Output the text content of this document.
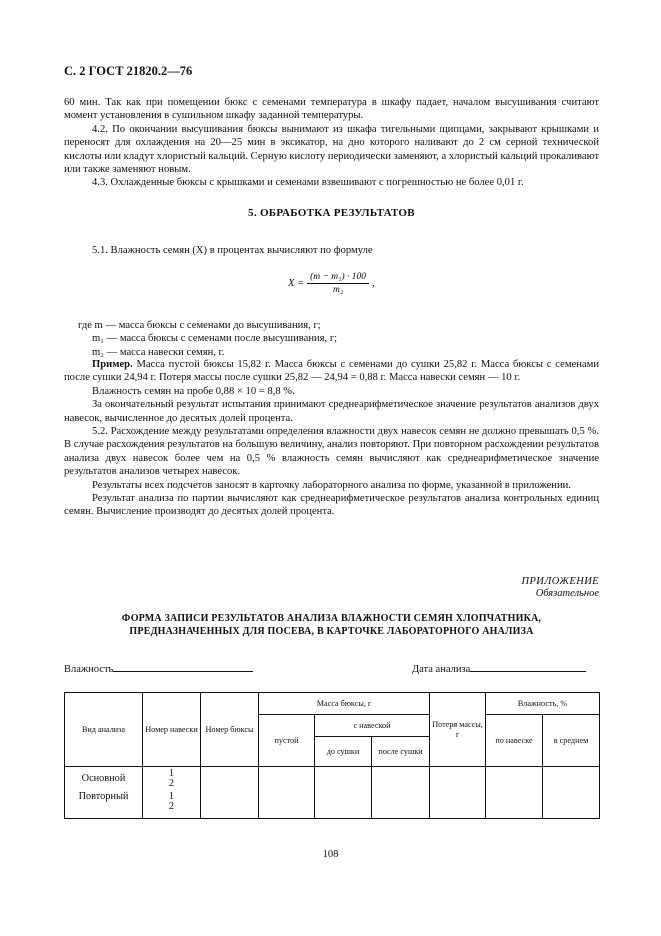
С. 2 ГОСТ 21820.2—76

60 мин. Так как при помещении бюкс с семенами температура в шкафу падает, началом высушивания считают момент установления в сушильном шкафу заданной температуры.

4.2. По окончании высушивания бюксы вынимают из шкафа тигельными щипцами, закрывают крышками и переносят для охлаждения на 20—25 мин в эксикатор, на дно которого наливают до 2 см серной технической кислоты или кладут хлористый кальций. Серную кислоту периодически заменяют, а хлористый кальций прокаливают или также заменяют новым.

4.3. Охлажденные бюксы с крышками и семенами взвешивают с погрешностью не более 0,01 г.

5. ОБРАБОТКА РЕЗУЛЬТАТОВ

5.1. Влажность семян (X) в процентах вычисляют по формуле

$X = \frac{\text{(m − m₁) · 100}}{\text{m₂}}$ ,
где m — масса бюксы с семенами до высушивания, г;
m₁ — масса бюксы с семенами после высушивания, г;
m₂ — масса навески семян, г.

Пример. Масса пустой бюксы 15,82 г. Масса бюксы с семенами до сушки 25,82 г. Масса бюксы с семенами после сушки 24,94 г. Потеря массы после сушки 25,82 — 24,94 = 0,88 г. Масса навески семян — 10 г.

Влажность семян на пробе 0,88 × 10 = 8,8 %.

За окончательный результат испытания принимают среднеарифметическое значение результатов анализов двух навесок, вычисленное до десятых долей процента.

5.2. Расхождение между результатами определения влажности двух навесок семян не должно превышать 0,5 %. В случае расхождения результатов на большую величину, анализ повторяют. При повторном расхождении результатов анализа двух навесок более чем на 0,5 % влажность семян вычисляют как среднеарифметическое значение результатов анализов четырех навесок.

Результаты всех подсчетов заносят в карточку лабораторного анализа по форме, указанной в приложении.

Результат анализа по партии вычисляют как среднеарифметическое результатов анализа контрольных единиц семян. Вычисление производят до десятых долей процента.

ПРИЛОЖЕНИЕ
Обязательное
ФОРМА ЗАПИСИ РЕЗУЛЬТАТОВ АНАЛИЗА ВЛАЖНОСТИ СЕМЯН ХЛОПЧАТНИКА,
ПРЕДНАЗНАЧЕННЫХ ДЛЯ ПОСЕВА, В КАРТОЧКЕ ЛАБОРАТОРНОГО АНАЛИЗА
Влажность	Дата анализа
Вид анализа	Номер навески	Номер бюксы	Масса бюксы, г			Потеря массы, г	Влажность, %	
			пустой	с навеской			по навеске	в среднем
				до сушки	после сушки			

Основной	1
2							

Повторный	1
2							

108
